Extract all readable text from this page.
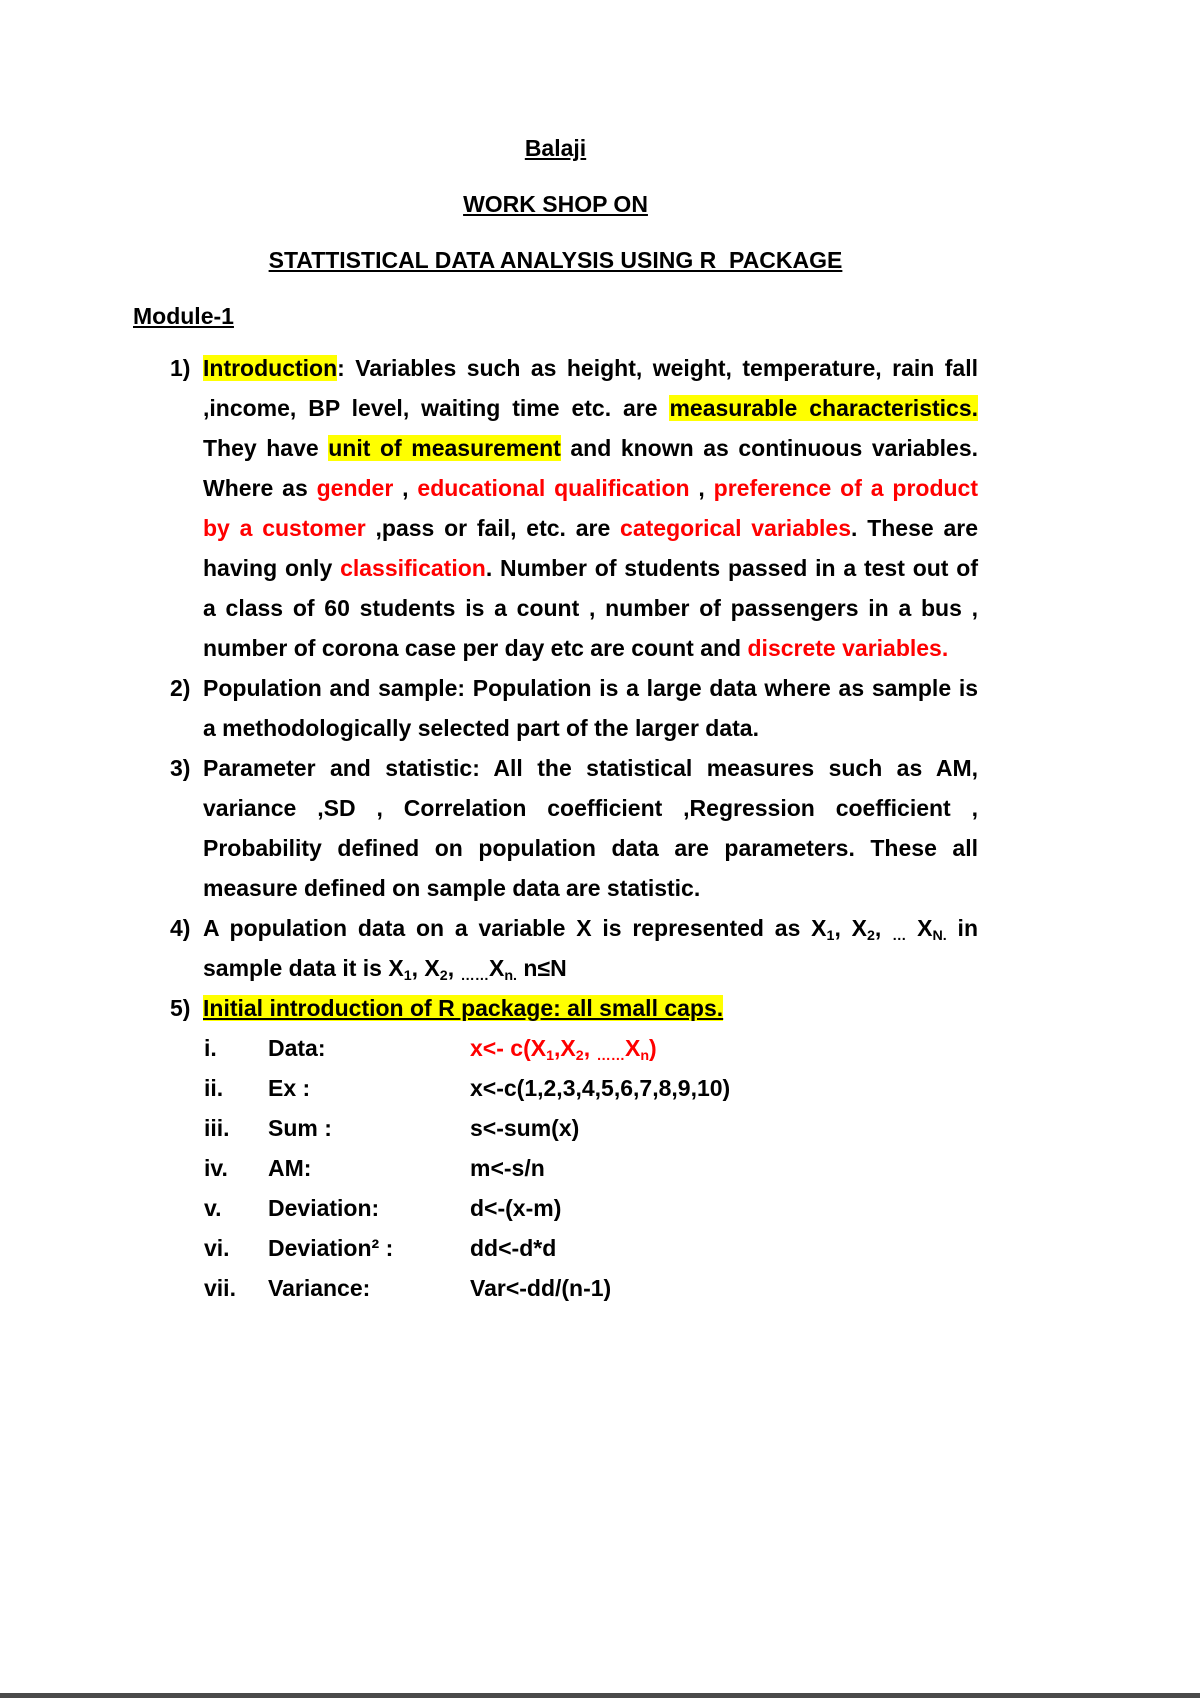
Balaji
WORK SHOP ON
STATTISTICAL DATA ANALYSIS USING R_PACKAGE
Module-1
1) Introduction: Variables such as height, weight, temperature, rain fall ,income, BP level, waiting time etc. are measurable characteristics. They have unit of measurement and known as continuous variables. Where as gender , educational qualification , preference of a product by a customer ,pass or fail, etc. are categorical variables. These are having only classification. Number of students passed in a test out of a class of 60 students is a count , number of passengers in a bus , number of corona case per day etc are count and discrete variables.
2) Population and sample: Population is a large data where as sample is a methodologically selected part of the larger data.
3) Parameter and statistic: All the statistical measures such as AM, variance ,SD , Correlation coefficient ,Regression coefficient , Probability defined on population data are parameters. These all measure defined on sample data are statistic.
4) A population data on a variable X is represented as X1, X2, … XN. in sample data it is X1, X2, ……Xn. n≤N
5) Initial introduction of R package: all small caps.
i.	Data:	x<- c(X1,X2, ……Xn)
ii.	Ex :	x<-c(1,2,3,4,5,6,7,8,9,10)
iii.	Sum :	s<-sum(x)
iv.	AM:	m<-s/n
v.	Deviation:	d<-(x-m)
vi.	Deviation² :	dd<-d*d
vii.	Variance:	Var<-dd/(n-1)
